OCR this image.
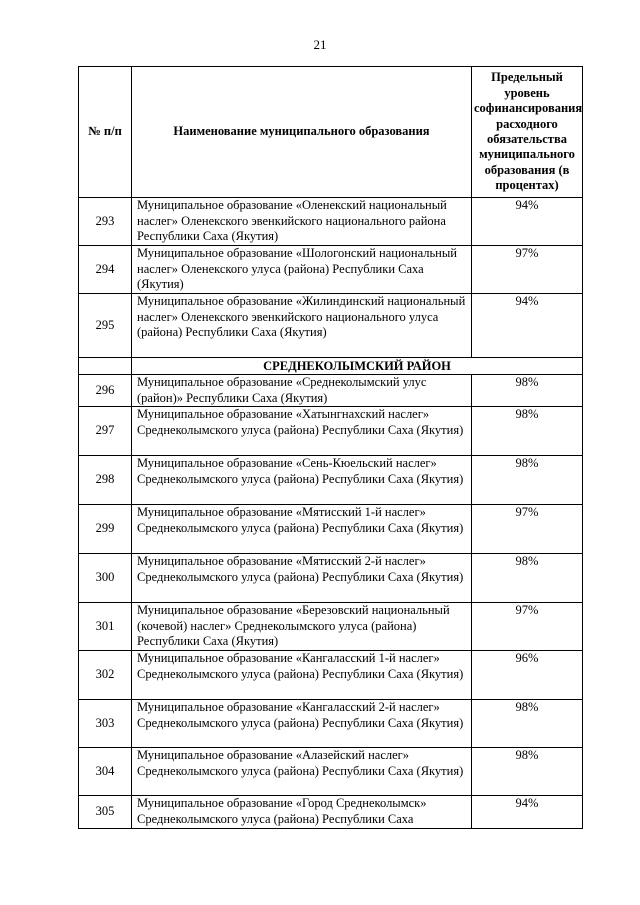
21
№ п/п	Наименование муниципального образования	Предельный уровень софинансирования расходного обязательства муниципального образования (в процентах)
293	Муниципальное образование «Оленекский национальный наслег» Оленекского эвенкийского национального района Республики Саха (Якутия)	94%
294	Муниципальное образование «Шологонский национальный наслег» Оленекского улуса (района) Республики Саха (Якутия)	97%
295	Муниципальное образование «Жилиндинский национальный наслег» Оленекского эвенкийского национального улуса (района) Республики Саха (Якутия)	94%
	СРЕДНЕКОЛЫМСКИЙ РАЙОН	
296	Муниципальное образование «Среднеколымский улус (район)» Республики Саха (Якутия)	98%
297	Муниципальное образование «Хатынгнахский наслег» Среднеколымского улуса (района) Республики Саха (Якутия)	98%
298	Муниципальное образование «Сень-Кюельский наслег» Среднеколымского улуса (района) Республики Саха (Якутия)	98%
299	Муниципальное образование «Мятисский 1-й наслег» Среднеколымского улуса (района) Республики Саха (Якутия)	97%
300	Муниципальное образование «Мятисский 2-й наслег» Среднеколымского улуса (района) Республики Саха (Якутия)	98%
301	Муниципальное образование «Березовский национальный (кочевой) наслег» Среднеколымского улуса (района) Республики Саха (Якутия)	97%
302	Муниципальное образование «Кангаласский 1-й наслег» Среднеколымского улуса (района) Республики Саха (Якутия)	96%
303	Муниципальное образование «Кангаласский 2-й наслег» Среднеколымского улуса (района) Республики Саха (Якутия)	98%
304	Муниципальное образование «Алазейский наслег» Среднеколымского улуса (района) Республики Саха (Якутия)	98%
305	Муниципальное образование «Город Среднеколымск» Среднеколымского улуса (района) Республики Саха	94%
